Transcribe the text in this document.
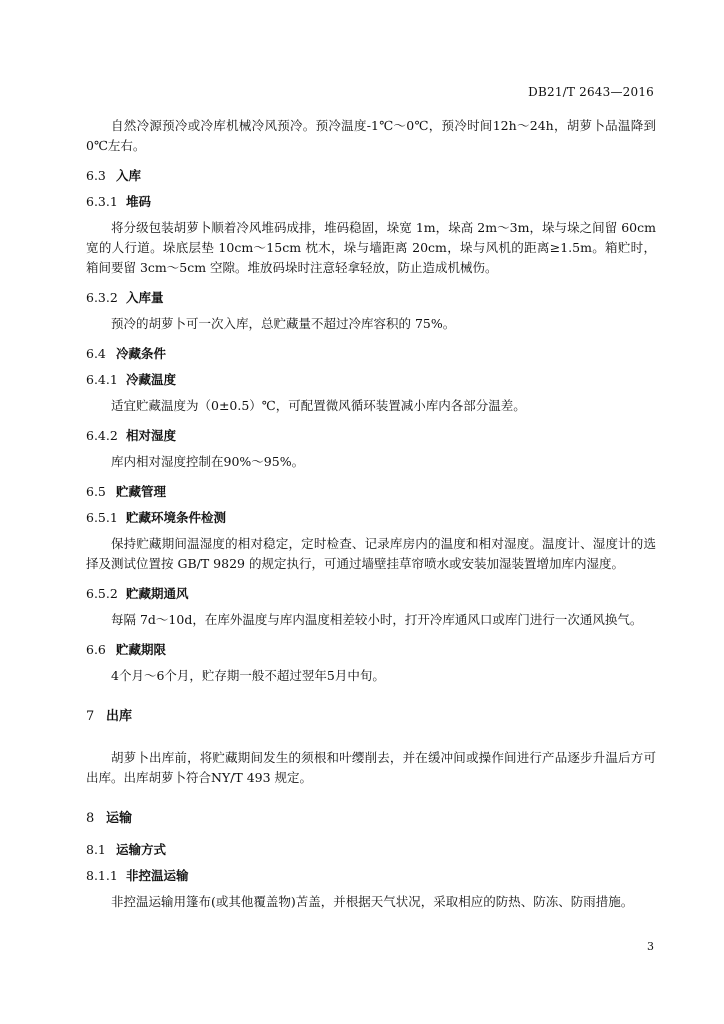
DB21/T 2643—2016

自然冷源预冷或冷库机械冷风预冷。预冷温度-1℃～0℃，预冷时间12h～24h，胡萝卜品温降到0℃左右。

6.3 入库
6.3.1 堆码

将分级包装胡萝卜顺着冷风堆码成排，堆码稳固，垛宽 1m，垛高 2m～3m，垛与垛之间留 60cm 宽的人行道。垛底层垫 10cm～15cm 枕木，垛与墙距离 20cm，垛与风机的距离≥1.5m。箱贮时，箱间要留 3cm～5cm 空隙。堆放码垛时注意轻拿轻放，防止造成机械伤。

6.3.2 入库量

预冷的胡萝卜可一次入库，总贮藏量不超过冷库容积的 75%。

6.4 冷藏条件
6.4.1 冷藏温度

适宜贮藏温度为（0±0.5）℃，可配置微风循环装置减小库内各部分温差。

6.4.2 相对湿度

库内相对湿度控制在90%～95%。

6.5 贮藏管理
6.5.1 贮藏环境条件检测

保持贮藏期间温湿度的相对稳定，定时检查、记录库房内的温度和相对湿度。温度计、湿度计的选择及测试位置按 GB/T 9829 的规定执行，可通过墙壁挂草帘喷水或安装加湿装置增加库内湿度。

6.5.2 贮藏期通风

每隔 7d～10d，在库外温度与库内温度相差较小时，打开冷库通风口或库门进行一次通风换气。

6.6 贮藏期限

4个月～6个月，贮存期一般不超过翌年5月中旬。

7 出库

胡萝卜出库前，将贮藏期间发生的须根和叶缨削去，并在缓冲间或操作间进行产品逐步升温后方可出库。出库胡萝卜符合NY/T 493 规定。

8 运输
8.1 运输方式
8.1.1 非控温运输

非控温运输用篷布(或其他覆盖物)苫盖，并根据天气状况，采取相应的防热、防冻、防雨措施。

3
